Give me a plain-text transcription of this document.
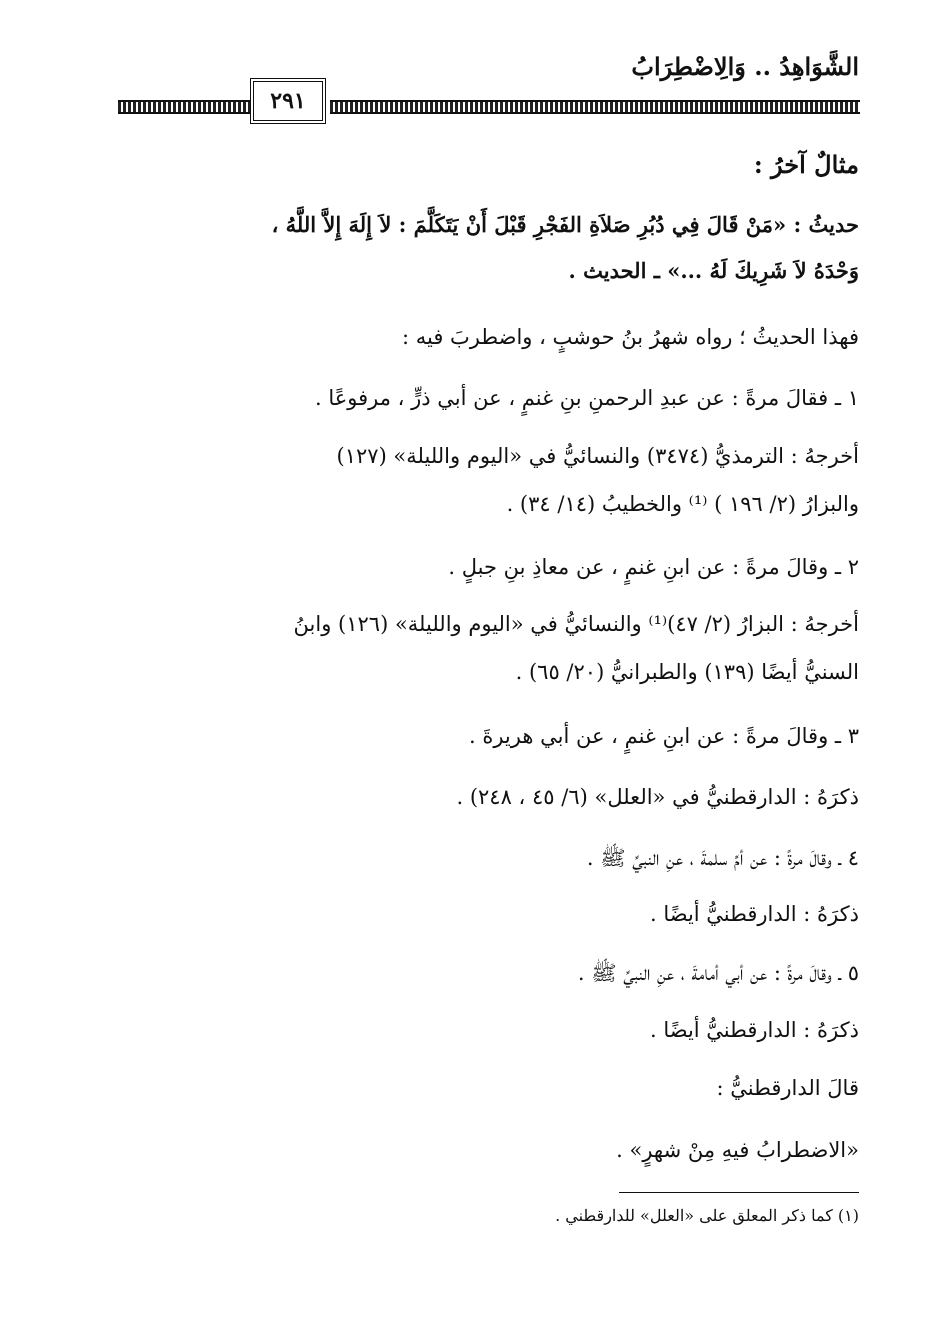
الشَّوَاهِدُ .. وَالِاضْطِرَابُ
٢٩١
مثالٌ آخرُ :
حديثُ : «مَنْ قَالَ فِي دُبُرِ صَلاَةِ الفَجْرِ قَبْلَ أَنْ يَتَكَلَّمَ : لاَ إِلَهَ إِلاَّ اللَّهُ ،
وَحْدَهُ لاَ شَرِيكَ لَهُ ...» ـ الحديث .
فهذا الحديثُ ؛ رواه شهرُ بنُ حوشبٍ ، واضطربَ فيه :
١ ـ فقالَ مرةً : عن عبدِ الرحمنِ بنِ غنمٍ ، عن أبي ذرٍّ ، مرفوعًا .
أخرجهُ : الترمذيُّ (٣٤٧٤) والنسائيُّ في «اليوم والليلة» (١٢٧)
والبزارُ (٢/ ١٩٦ ) ⁽¹⁾ والخطيبُ (١٤/ ٣٤) .
٢ ـ وقالَ مرةً : عن ابنِ غنمٍ ، عن معاذِ بنِ جبلٍ .
أخرجهُ : البزارُ (٢/ ٤٧)⁽¹⁾ والنسائيُّ في «اليوم والليلة» (١٢٦) وابنُ
السنيُّ أيضًا (١٣٩) والطبرانيُّ (٢٠/ ٦٥) .
٣ ـ وقالَ مرةً : عن ابنِ غنمٍ ، عن أبي هريرةَ .
ذكرَهُ : الدارقطنيُّ في «العلل» (٦/ ٤٥ ، ٢٤٨) .
٤ ـ وقالَ مرةً : عن أمِّ سلمةَ ، عنِ النبيِّ ﷺ .
ذكرَهُ : الدارقطنيُّ أيضًا .
٥ ـ وقالَ مرةً : عن أبي أمامةَ ، عنِ النبيِّ ﷺ .
ذكرَهُ : الدارقطنيُّ أيضًا .
قالَ الدارقطنيُّ :
«الاضطرابُ فيهِ مِنْ شهرٍ» .
(١) كما ذكر المعلق على «العلل» للدارقطني .
